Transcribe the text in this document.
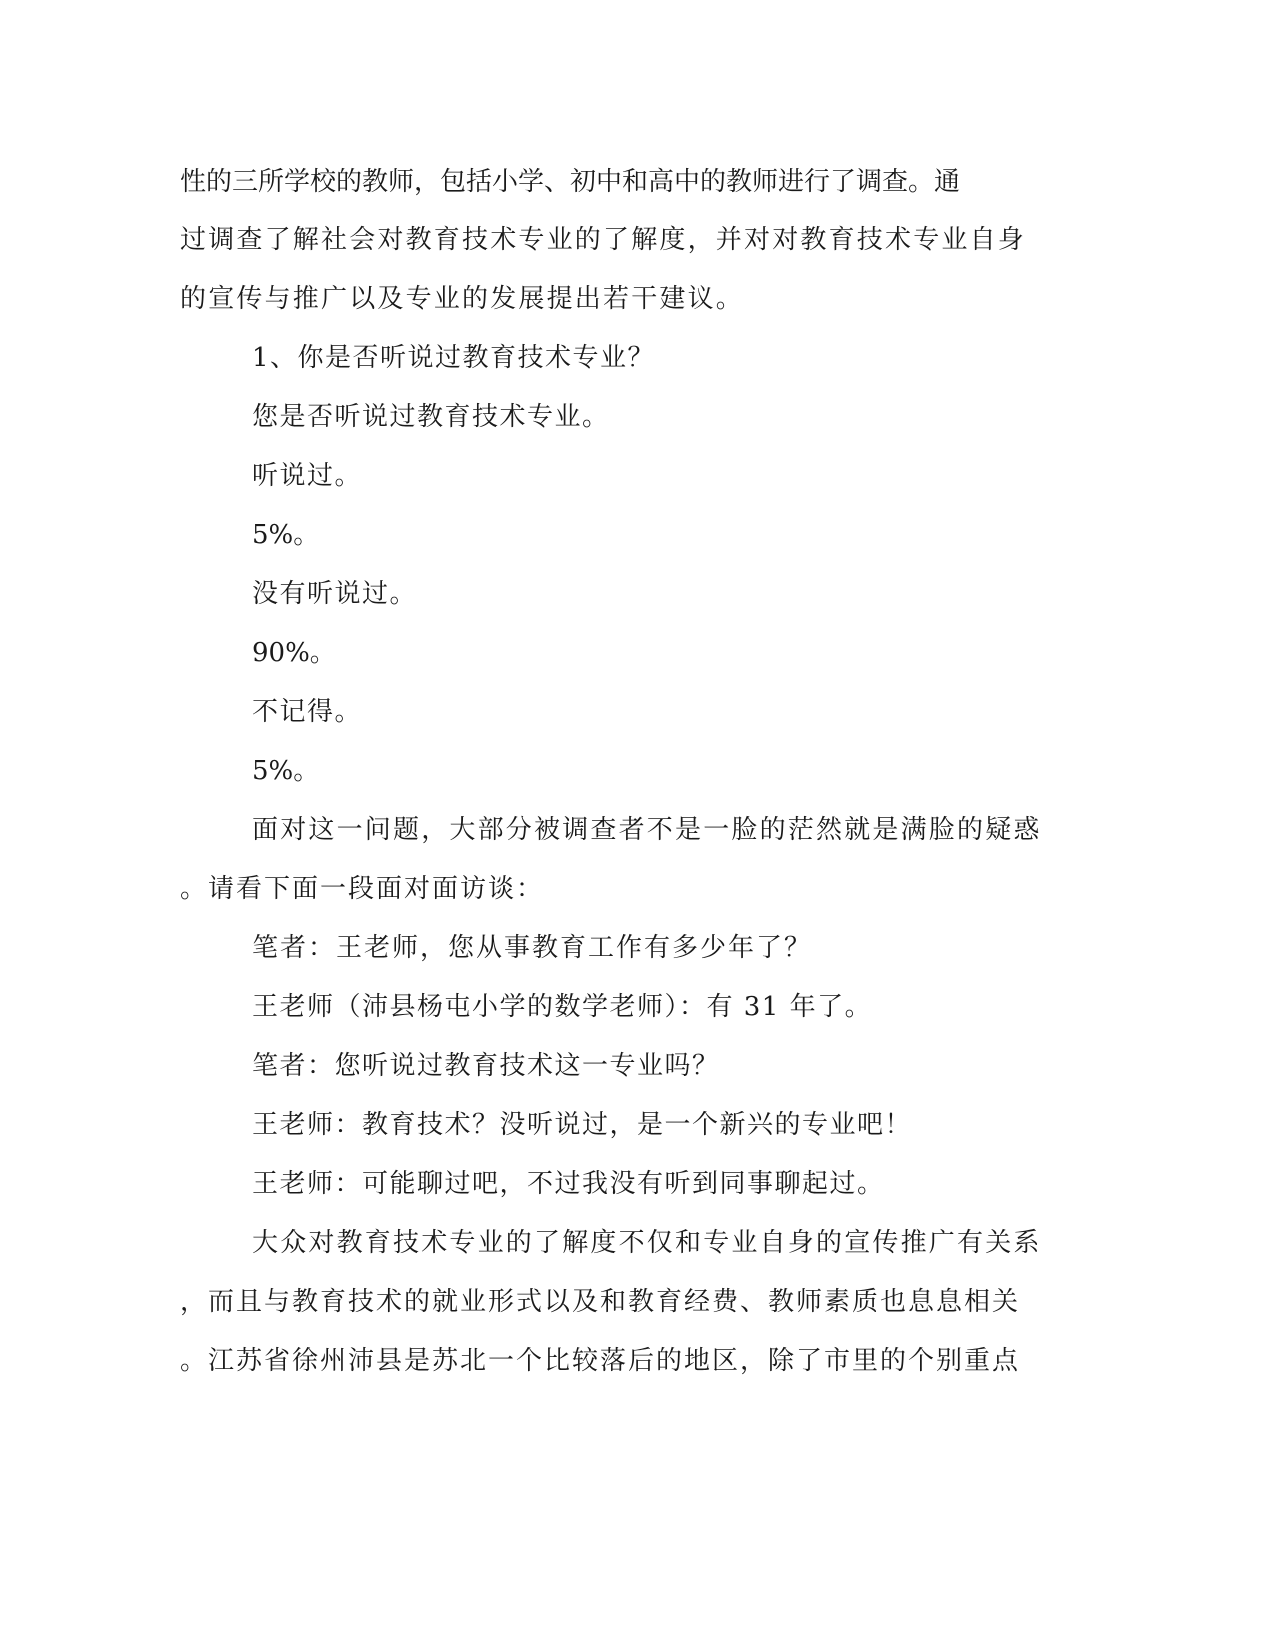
性的三所学校的教师，包括小学、初中和高中的教师进行了调查。通
过调查了解社会对教育技术专业的了解度，并对对教育技术专业自身
的宣传与推广以及专业的发展提出若干建议。
1、你是否听说过教育技术专业？
您是否听说过教育技术专业。
听说过。
5%。
没有听说过。
90%。
不记得。
5%。
面对这一问题，大部分被调查者不是一脸的茫然就是满脸的疑惑
。请看下面一段面对面访谈：
笔者：王老师，您从事教育工作有多少年了？
王老师（沛县杨屯小学的数学老师）：有 31 年了。
笔者：您听说过教育技术这一专业吗？
王老师：教育技术？没听说过，是一个新兴的专业吧！
王老师：可能聊过吧，不过我没有听到同事聊起过。
大众对教育技术专业的了解度不仅和专业自身的宣传推广有关系
，而且与教育技术的就业形式以及和教育经费、教师素质也息息相关
。江苏省徐州沛县是苏北一个比较落后的地区，除了市里的个别重点
